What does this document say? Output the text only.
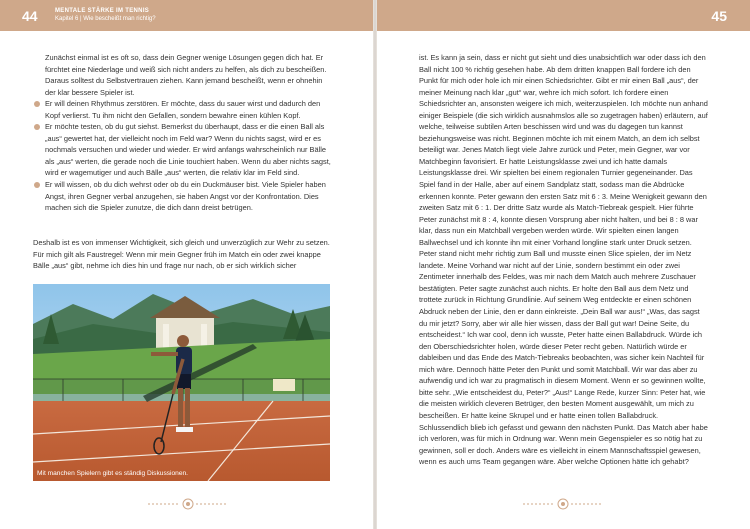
44	MENTALE STÄRKE IM TENNIS
Kapitel 6 | Wie bescheißt man richtig?

Zunächst einmal ist es oft so, dass dein Gegner wenige Lösungen gegen dich hat. Er fürchtet eine Niederlage und weiß sich nicht anders zu helfen, als dich zu bescheißen. Daraus solltest du Selbstvertrauen ziehen. Kann jemand bescheißt, wenn er ohnehin der klar bessere Spieler ist.

Er will deinen Rhythmus zerstören. Er möchte, dass du sauer wirst und dadurch den Kopf verlierst. Tu ihm nicht den Gefallen, sondern bewahre einen kühlen Kopf.
Er möchte testen, ob du gut siehst. Bemerkst du überhaupt, dass er die einen Ball als „aus“ gewertet hat, der vielleicht noch im Feld war? Wenn du nichts sagst, wird er es nochmals versuchen und wieder und wieder. Er wird anfangs wahrscheinlich nur Bälle als „aus“ werten, die gerade noch die Linie touchiert haben. Wenn du aber nichts sagst, wird er wagemutiger und auch Bälle „aus“ werten, die relativ klar im Feld sind.
Er will wissen, ob du dich wehrst oder ob du ein Duckmäuser bist. Viele Spieler haben Angst, ihren Gegner verbal anzugehen, sie haben Angst vor der Konfrontation. Dies machen sich die Spieler zunutze, die dich dann dreist betrügen.

Deshalb ist es von immenser Wichtigkeit, sich gleich und unverzüglich zur Wehr zu setzen. Für mich gilt als Faustregel: Wenn mir mein Gegner früh im Match ein oder zwei knappe Bälle „aus“ gibt, nehme ich dies hin und frage nur nach, ob er sich wirklich sicher

Mit manchen Spielern gibt es ständig Diskussionen.
45

ist. Es kann ja sein, dass er nicht gut sieht und dies unabsichtlich war oder dass ich den Ball nicht 100 % richtig gesehen habe. Ab dem dritten knappen Ball fordere ich den Punkt für mich oder hole ich mir einen Schiedsrichter. Gibt er mir einen Ball „aus“, der meiner Meinung nach klar „gut“ war, wehre ich mich sofort. Ich fordere einen Schiedsrichter an, ansonsten weigere ich mich, weiterzuspielen. Ich möchte nun anhand einiger Beispiele (die sich wirklich ausnahmslos alle so zugetragen haben) erläutern, auf welche, teilweise subtilen Arten beschissen wird und was du dagegen tun kannst beziehungsweise was nicht. Beginnen möchte ich mit einem Match, an dem ich selbst beteiligt war. Jenes Match liegt viele Jahre zurück und Peter, mein Gegner, war vor Matchbeginn favorisiert. Er hatte Leistungsklasse zwei und ich hatte damals Leistungsklasse drei. Wir spielten bei einem regionalen Turnier gegeneinander. Das Spiel fand in der Halle, aber auf einem Sandplatz statt, sodass man die Abdrücke erkennen konnte. Peter gewann den ersten Satz mit 6 : 3. Meine Wenigkeit gewann den zweiten Satz mit 6 : 1. Der dritte Satz wurde als Match-Tiebreak gespielt. Hier führte Peter zunächst mit 8 : 4, konnte diesen Vorsprung aber nicht halten, und bei 8 : 8 war klar, dass nun ein Matchball vergeben werden würde. Wir spielten einen langen Ballwechsel und ich konnte ihn mit einer Vorhand longline stark unter Druck setzen. Peter stand nicht mehr richtig zum Ball und musste einen Slice spielen, der im Netz landete. Meine Vorhand war nicht auf der Linie, sondern bestimmt ein oder zwei Zentimeter innerhalb des Feldes, was mir nach dem Match auch mehrere Zuschauer bestätigten. Peter sagte zunächst auch nichts. Er holte den Ball aus dem Netz und trottete zurück in Richtung Grundlinie. Auf seinem Weg entdeckte er einen schönen Abdruck neben der Linie, den er dann einkreiste. „Dein Ball war aus!“ „Was, das sagst du mir jetzt? Sorry, aber wir alle hier wissen, dass der Ball gut war! Deine Seite, du entscheidest.“ Ich war cool, denn ich wusste, Peter hatte einen Ballabdruck. Würde ich den Oberschiedsrichter holen, würde dieser Peter recht geben. Natürlich würde er dableiben und das Ende des Match-Tiebreaks beobachten, was sicher kein Nachteil für mich wäre. Dennoch hätte Peter den Punkt und somit Matchball. Wir war das aber zu aufwendig und ich war zu pragmatisch in diesem Moment. Wenn er so gewinnen wollte, bitte sehr. „Wie entscheidest du, Peter?“ „Aus!“ Lange Rede, kurzer Sinn: Peter hat, wie die meisten wirklich cleveren Betrüger, den besten Moment ausgewählt, um mich zu bescheißen. Er hatte keine Skrupel und er hatte einen tollen Ballabdruck. Schlussendlich blieb ich gefasst und gewann den nächsten Punkt. Das Match aber habe ich verloren, was für mich in Ordnung war. Wenn mein Gegenspieler es so nötig hat zu gewinnen, soll er doch. Anders wäre es vielleicht in einem Mannschaftsspiel gewesen, wenn es auch ums Team gegangen wäre. Aber welche Optionen hätte ich gehabt?
